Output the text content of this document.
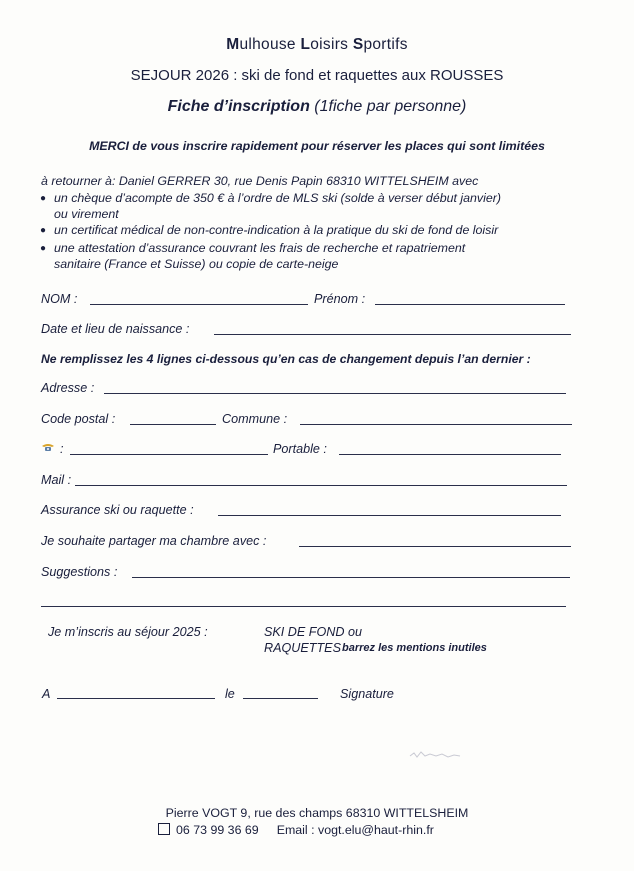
Mulhouse Loisirs Sportifs
SEJOUR 2026 : ski de fond et raquettes aux ROUSSES
Fiche d’inscription (1fiche par personne)
MERCI de vous inscrire rapidement pour réserver les places qui sont limitées
à retourner à: Daniel GERRER 30, rue Denis Papin 68310 WITTELSHEIM avec
● un chèque d’acompte de 350 € à l’ordre de MLS ski (solde à verser début janvier)
ou virement
● un certificat médical de non-contre-indication à la pratique du ski de fond de loisir
● une attestation d’assurance couvrant les frais de recherche et rapatriement
sanitaire (France et Suisse) ou copie de carte-neige
NOM :	Prénom :
Date et lieu de naissance :
Ne remplissez les 4 lignes ci-dessous qu’en cas de changement depuis l’an dernier :
Adresse :
Code postal :	Commune :
:	Portable :
Mail :
Assurance ski ou raquette :
Je souhaite partager ma chambre avec :
Suggestions :
Je m’inscris au séjour 2025 :	SKI DE FOND ou
RAQUETTES barrez les mentions inutiles
A	le	Signature
Pierre VOGT 9, rue des champs 68310 WITTELSHEIM
06 73 99 36 69 Email : vogt.elu@haut-rhin.fr
